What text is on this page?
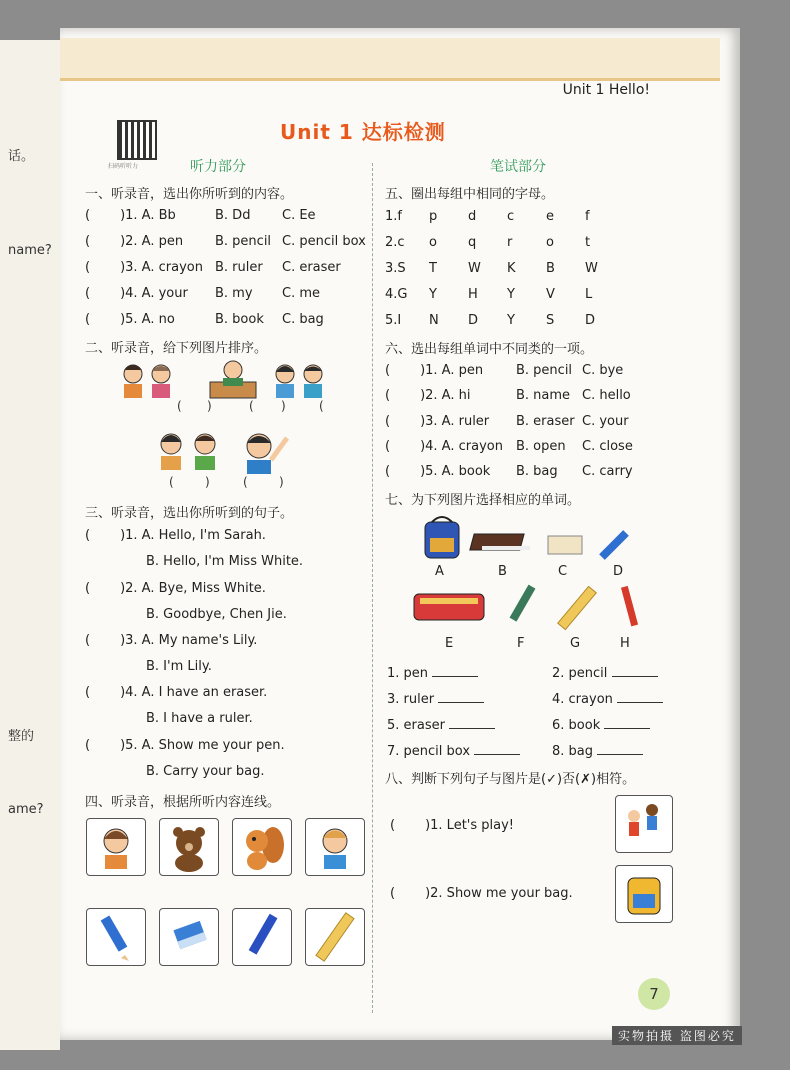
话。
name?
整的
ame?
Unit 1 Hello!
扫码听听力
Unit 1 达标检测
听力部分
一、听录音，选出你所听到的内容。
( )1. A. Bb	B. Dd C. Ee
( )2. A. pen B. pencil C. pencil box
( )3. A. crayon B. ruler C. eraser
( )4. A. your B. my C. me
( )5. A. no	B. book C. bag
二、听录音，给下列图片排序。
( )	( )	(
(	)	(	)
三、听录音，选出你所听到的句子。
( )1. A. Hello, I'm Sarah.
B. Hello, I'm Miss White.
( )2. A. Bye, Miss White.
B. Goodbye, Chen Jie.
( )3. A. My name's Lily.
B. I'm Lily.
( )4. A. I have an eraser.
B. I have a ruler.
( )5. A. Show me your pen.
B. Carry your bag.
四、听录音，根据所听内容连线。
笔试部分
五、圈出每组中相同的字母。
1.f p d c e f
2.c o q r	o t
3.S T W K B W
4.G Y H Y V L
5.I N D Y S D
六、选出每组单词中不同类的一项。
( )1. A. pen	B. pencil C. bye
( )2. A. hi	B. name C. hello
( )3. A. ruler B. eraser C. your
( )4. A. crayon B. open C. close
( )5. A. book B. bag C. carry
七、为下列图片选择相应的单词。
A	B	C	D
E	F	G	H
1. pen	2. pencil
3. ruler	4. crayon
5. eraser	6. book
7. pencil box	8. bag
八、判断下列句子与图片是(✓)否(✗)相符。
( )1. Let's play!
( )2. Show me your bag.
7
实物拍摄 盗图必究
